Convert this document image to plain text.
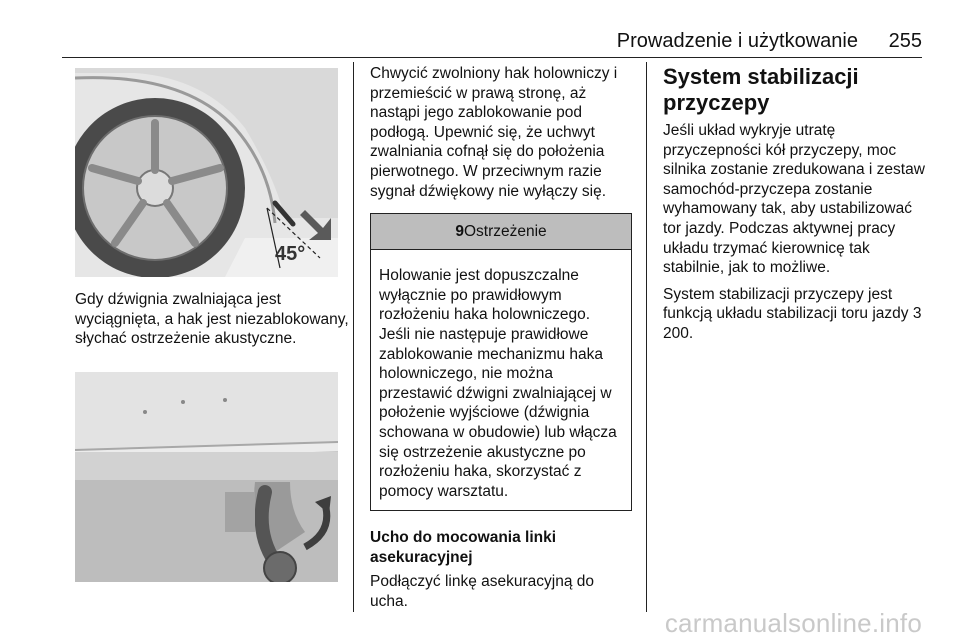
Prowadzenie i użytkowanie 255
45°
Gdy dźwignia zwalniająca jest wyciągnięta, a hak jest niezablokowany, słychać ostrzeżenie akustyczne.
Chwycić zwolniony hak holowniczy i przemieścić w prawą stronę, aż nastąpi jego zablokowanie pod podłogą. Upewnić się, że uchwyt zwalniania cofnął się do położenia pierwotnego. W przeciwnym razie sygnał dźwiękowy nie wyłączy się.
9Ostrzeżenie
Holowanie jest dopuszczalne wyłącznie po prawidłowym rozłożeniu haka holowniczego. Jeśli nie następuje prawidłowe zablokowanie mechanizmu haka holowniczego, nie można przestawić dźwigni zwalniającej w położenie wyjściowe (dźwignia schowana w obudowie) lub włącza się ostrzeżenie akustyczne po rozłożeniu haka, skorzystać z pomocy warsztatu.
Ucho do mocowania linki asekuracyjnej
Podłączyć linkę asekuracyjną do ucha.
System stabilizacji przyczepy
Jeśli układ wykryje utratę przyczepności kół przyczepy, moc silnika zostanie zredukowana i zestaw samochód-przyczepa zostanie wyhamowany tak, aby ustabilizować tor jazdy. Podczas aktywnej pracy układu trzymać kierownicę tak stabilnie, jak to możliwe.
System stabilizacji przyczepy jest funkcją układu stabilizacji toru jazdy 3 200.
carmanualsonline.info
